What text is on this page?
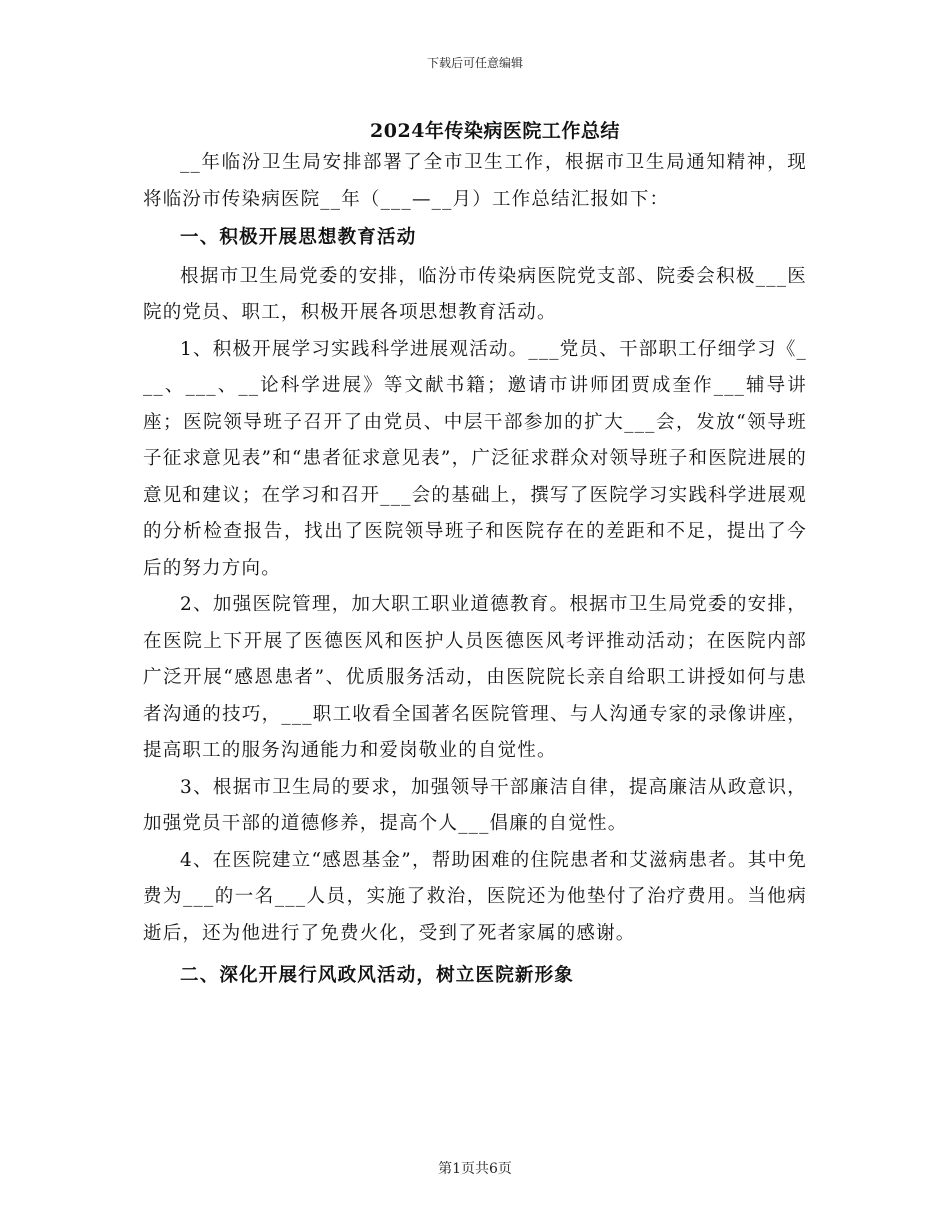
下载后可任意编辑
2024年传染病医院工作总结

__年临汾卫生局安排部署了全市卫生工作，根据市卫生局通知精神，现将临汾市传染病医院__年（___—__月）工作总结汇报如下：

一、积极开展思想教育活动

根据市卫生局党委的安排，临汾市传染病医院党支部、院委会积极___医院的党员、职工，积极开展各项思想教育活动。

1、积极开展学习实践科学进展观活动。___党员、干部职工仔细学习《___、___、__论科学进展》等文献书籍；邀请市讲师团贾成奎作___辅导讲座；医院领导班子召开了由党员、中层干部参加的扩大___会，发放“领导班子征求意见表”和“患者征求意见表”，广泛征求群众对领导班子和医院进展的意见和建议；在学习和召开___会的基础上，撰写了医院学习实践科学进展观的分析检查报告，找出了医院领导班子和医院存在的差距和不足，提出了今后的努力方向。

2、加强医院管理，加大职工职业道德教育。根据市卫生局党委的安排，在医院上下开展了医德医风和医护人员医德医风考评推动活动；在医院内部广泛开展“感恩患者”、优质服务活动，由医院院长亲自给职工讲授如何与患者沟通的技巧，___职工收看全国著名医院管理、与人沟通专家的录像讲座，提高职工的服务沟通能力和爱岗敬业的自觉性。

3、根据市卫生局的要求，加强领导干部廉洁自律，提高廉洁从政意识，加强党员干部的道德修养，提高个人___倡廉的自觉性。

4、在医院建立“感恩基金”，帮助困难的住院患者和艾滋病患者。其中免费为___的一名___人员，实施了救治，医院还为他垫付了治疗费用。当他病逝后，还为他进行了免费火化，受到了死者家属的感谢。

二、深化开展行风政风活动，树立医院新形象

第1页共6页
